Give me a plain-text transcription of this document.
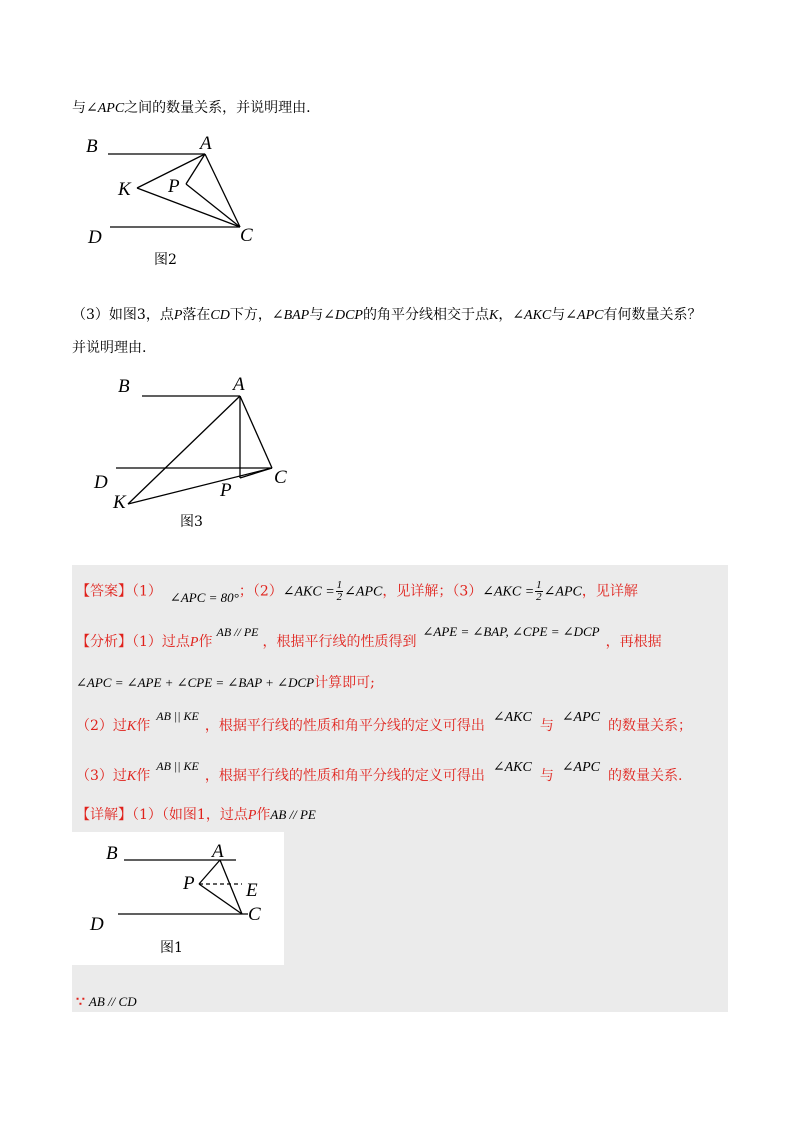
与∠APC之间的数量关系，并说明理由.
B	A
K P
D	C
图2
（3）如图3，点P落在CD下方，∠BAP与∠DCP的角平分线相交于点K，∠AKC与∠APC有何数量关系？
并说明理由.
B	A
D
K
P
C
图3
【答案】（1） ∠APC = 80°；（2）∠AKC = $\frac{1}{2}$ ∠APC，见详解；（3）∠AKC = $\frac{1}{2}$ ∠APC，见详解
【分析】（1）过点P作AB // PE，根据平行线的性质得到∠APE = ∠BAP, ∠CPE = ∠DCP，再根据
∠APC = ∠APE + ∠CPE = ∠BAP + ∠DCP计算即可;
（2）过K作AB || KE，根据平行线的性质和角平分线的定义可得出∠AKC与∠APC的数量关系；
（3）过K作AB || KE，根据平行线的性质和角平分线的定义可得出∠AKC与∠APC的数量关系.
【详解】（1）（如图1，过点P作AB // PE
B	A
P	E
D	C
图1
∵ AB // CD
